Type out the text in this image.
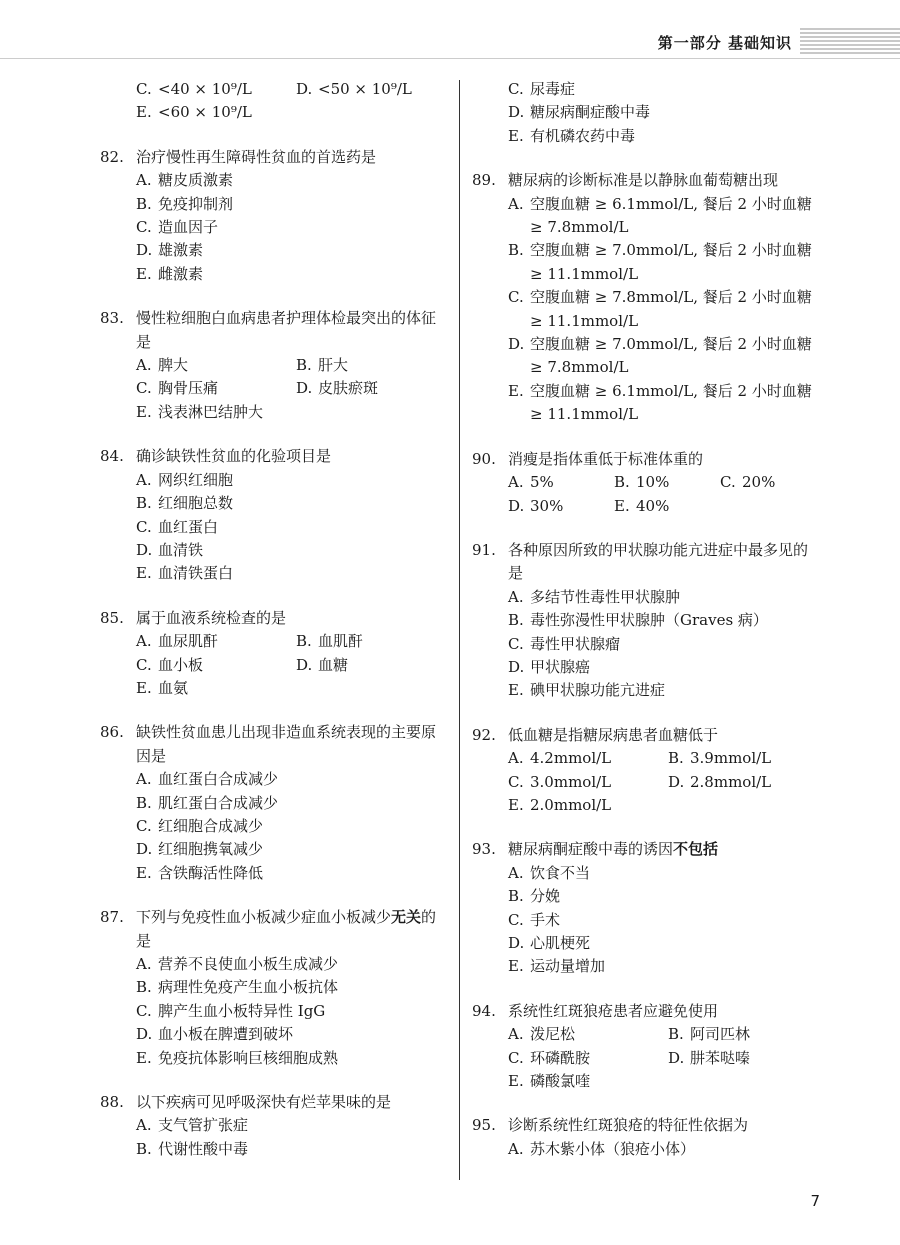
第一部分 基础知识
C. <40 × 10⁹/L	D. <50 × 10⁹/L
E. <60 × 10⁹/L
82. 治疗慢性再生障碍性贫血的首选药是
A. 糖皮质激素
B. 免疫抑制剂
C. 造血因子
D. 雄激素
E. 雌激素
83. 慢性粒细胞白血病患者护理体检最突出的体征是
A. 脾大	B. 肝大
C. 胸骨压痛	D. 皮肤瘀斑
E. 浅表淋巴结肿大
84. 确诊缺铁性贫血的化验项目是
A. 网织红细胞
B. 红细胞总数
C. 血红蛋白
D. 血清铁
E. 血清铁蛋白
85. 属于血液系统检查的是
A. 血尿肌酐	B. 血肌酐
C. 血小板	D. 血糖
E. 血氨
86. 缺铁性贫血患儿出现非造血系统表现的主要原因是
A. 血红蛋白合成减少
B. 肌红蛋白合成减少
C. 红细胞合成减少
D. 红细胞携氧减少
E. 含铁酶活性降低
87. 下列与免疫性血小板减少症血小板减少无关的是
A. 营养不良使血小板生成减少
B. 病理性免疫产生血小板抗体
C. 脾产生血小板特异性 IgG
D. 血小板在脾遭到破坏
E. 免疫抗体影响巨核细胞成熟
88. 以下疾病可见呼吸深快有烂苹果味的是
A. 支气管扩张症
B. 代谢性酸中毒
C. 尿毒症
D. 糖尿病酮症酸中毒
E. 有机磷农药中毒
89. 糖尿病的诊断标准是以静脉血葡萄糖出现
A. 空腹血糖 ≥ 6.1mmol/L, 餐后 2 小时血糖 ≥ 7.8mmol/L
B. 空腹血糖 ≥ 7.0mmol/L, 餐后 2 小时血糖 ≥ 11.1mmol/L
C. 空腹血糖 ≥ 7.8mmol/L, 餐后 2 小时血糖 ≥ 11.1mmol/L
D. 空腹血糖 ≥ 7.0mmol/L, 餐后 2 小时血糖 ≥ 7.8mmol/L
E. 空腹血糖 ≥ 6.1mmol/L, 餐后 2 小时血糖 ≥ 11.1mmol/L
90. 消瘦是指体重低于标准体重的
A. 5%	B. 10%	C. 20%
D. 30%	E. 40%
91. 各种原因所致的甲状腺功能亢进症中最多见的是
A. 多结节性毒性甲状腺肿
B. 毒性弥漫性甲状腺肿（Graves 病）
C. 毒性甲状腺瘤
D. 甲状腺癌
E. 碘甲状腺功能亢进症
92. 低血糖是指糖尿病患者血糖低于
A. 4.2mmol/L	B. 3.9mmol/L
C. 3.0mmol/L	D. 2.8mmol/L
E. 2.0mmol/L
93. 糖尿病酮症酸中毒的诱因不包括
A. 饮食不当
B. 分娩
C. 手术
D. 心肌梗死
E. 运动量增加
94. 系统性红斑狼疮患者应避免使用
A. 泼尼松	B. 阿司匹林
C. 环磷酰胺	D. 肼苯哒嗪
E. 磷酸氯喹
95. 诊断系统性红斑狼疮的特征性依据为
A. 苏木紫小体（狼疮小体）
7
